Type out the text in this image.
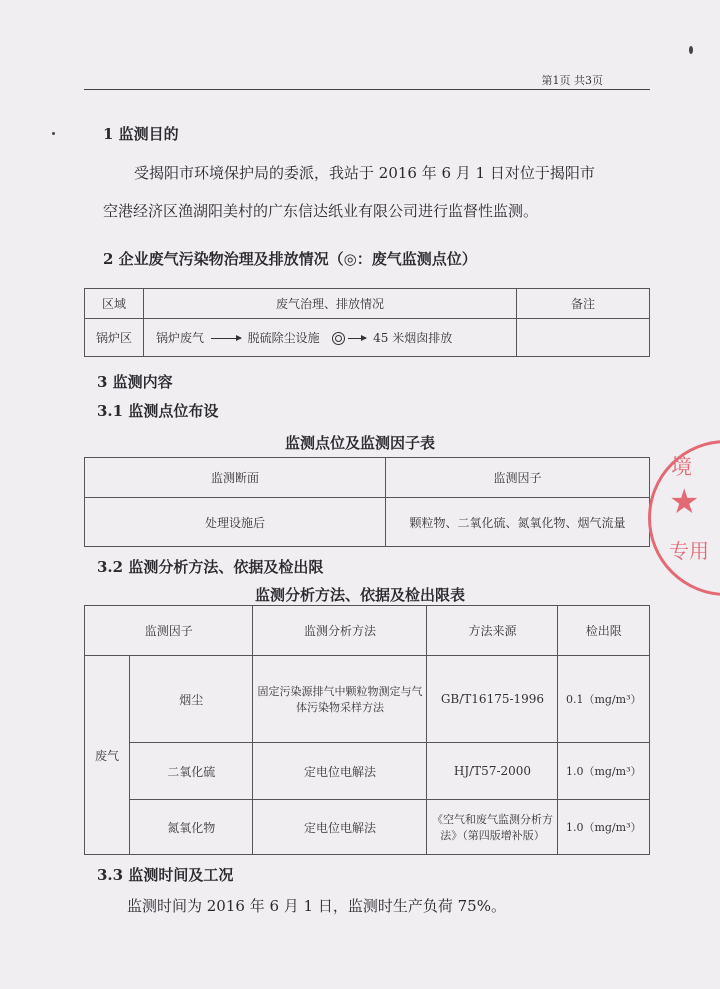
第1页 共3页
1 监测目的
受揭阳市环境保护局的委派，我站于 2016 年 6 月 1 日对位于揭阳市
空港经济区渔湖阳美村的广东信达纸业有限公司进行监督性监测。
2 企业废气污染物治理及排放情况（◎：废气监测点位）
区域	废气治理、排放情况	备注
锅炉区	锅炉废气 脱硫除尘设施 45 米烟囱排放	
3 监测内容
3.1 监测点位布设
监测点位及监测因子表
监测断面	监测因子
处理设施后	颗粒物、二氧化硫、氮氧化物、烟气流量
3.2 监测分析方法、依据及检出限
监测分析方法、依据及检出限表
监测因子		监测分析方法	方法来源	检出限
废气	烟尘	固定污染源排气中颗粒物测定与气体污染物采样方法	GB/T16175-1996	0.1（mg/m³）
	二氧化硫	定电位电解法	HJ/T57-2000	1.0（mg/m³）
	氮氧化物	定电位电解法	《空气和废气监测分析方法》（第四版增补版）	1.0（mg/m³）
3.3 监测时间及工况
监测时间为 2016 年 6 月 1 日，监测时生产负荷 75%。
境
★
专用
